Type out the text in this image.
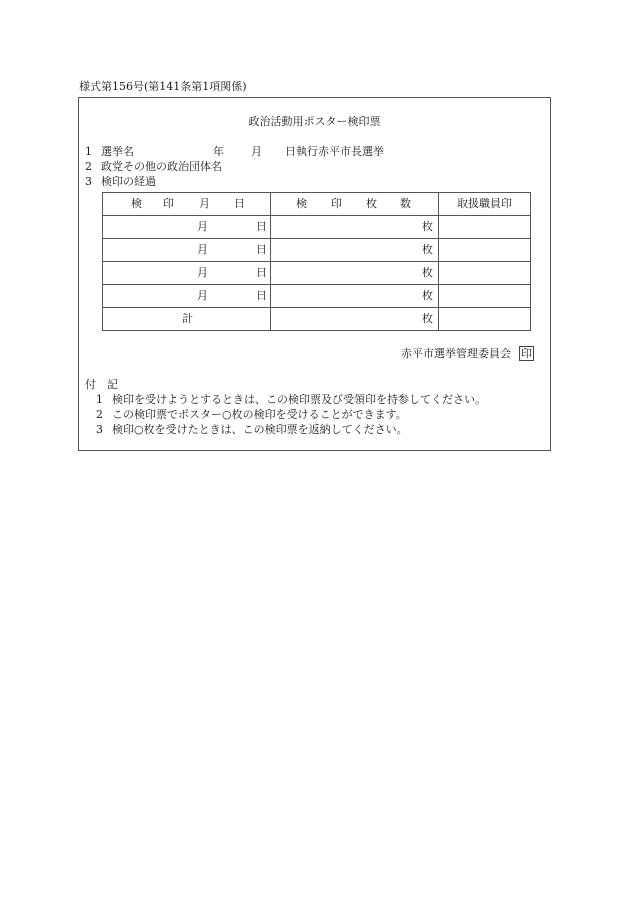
様式第156号(第141条第1項関係)
政治活動用ポスター検印票
1 選挙名	年 月 日執行赤平市長選挙
2 政党その他の政治団体名
3 検印の経過
検 印 月 日	検 印 枚 数	取扱職員印

月 日	枚	

月 日	枚	

月 日	枚	

月 日	枚	

計	枚	

赤平市選挙管理委員会 印
付　記
1 検印を受けようとするときは、この検印票及び受領印を持参してください。
2 この検印票でポスター○枚の検印を受けることができます。
3 検印○枚を受けたときは、この検印票を返納してください。
